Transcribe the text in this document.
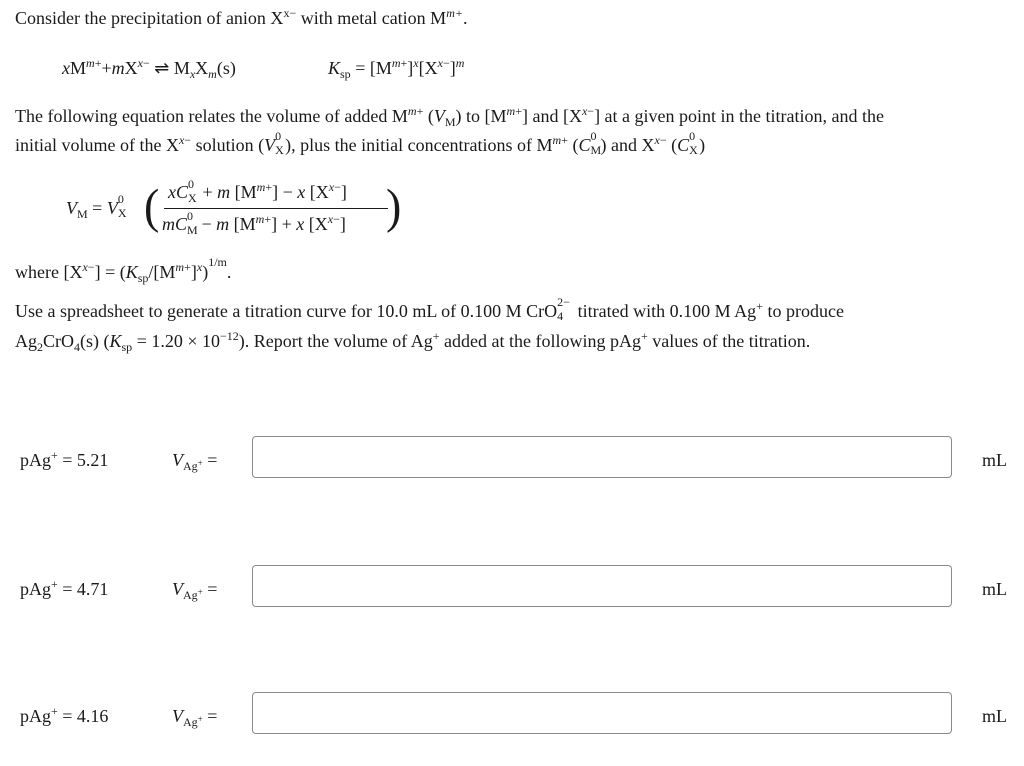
Consider the precipitation of anion $X^{x-}$ with metal cation $M^{m+}$.
$xM^{m+}+mX^{x-}$ ⇌ $M_xX_m(s)$	$K_{sp} = [M^{m+}]^x[X^{x-}]^m$
The following equation relates the volume of added $M^{m+}$ $(V_M)$ to $[M^{m+}]$ and $[X^{x-}]$ at a given point in the titration, and the
initial volume of the $X^{x-}$ solution (V 0
X ), plus the initial concentrations of $M^{m+}$ (C 0
M ) and $X^{x-}$ (C 0
X )
$V_M = V$ 0
X ( xC 0
X + m $[M^{m+}] - x$ $[X^{x-}]$
mC 0
M − m $[M^{m+}] + x$ $[X^{x-}]$ )
where $[X^{x-}] = (K_{sp}/[M^{m+}]^x)^{1/m}$.
Use a spreadsheet to generate a titration curve for 10.0 mL of 0.100 M CrO 2−
4 titrated with 0.100 M Ag+ to produce
$Ag_2CrO_4(s) (K_{sp} = 1.20 \times 10^{-12})$. Report the volume of Ag+ added at the following pAg+ values of the titration.
pAg+ = 5.21	$V_{Ag^+}$ =	mL
pAg+ = 4.71	$V_{Ag^+}$ =	mL
pAg+ = 4.16	$V_{Ag^+}$ =	mL
